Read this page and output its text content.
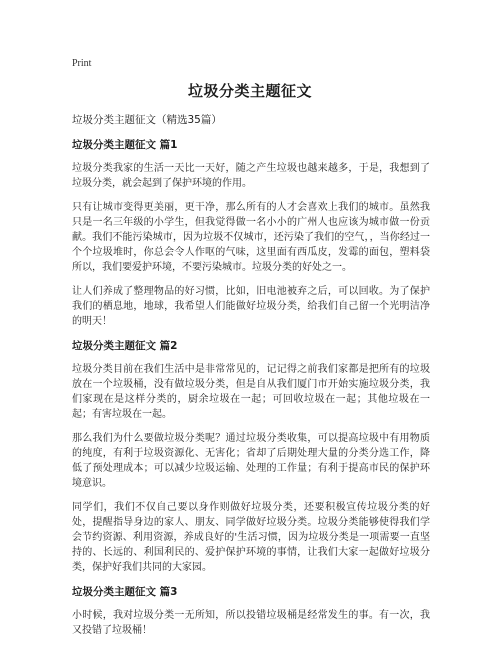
Print
垃圾分类主题征文

垃圾分类主题征文（精选35篇）

垃圾分类主题征文 篇1

垃圾分类我家的生活一天比一天好，随之产生垃圾也越来越多，于是，我想到了垃圾分类，就会起到了保护环境的作用。

只有让城市变得更美丽，更干净，那么所有的人才会喜欢上我们的城市。虽然我只是一名三年级的小学生，但我觉得做一名小小的广州人也应该为城市做一份贡献。我们不能污染城市，因为垃圾不仅城市，还污染了我们的空气，，当你经过一个个垃圾堆时，你总会令人作呕的气味，这里面有西瓜皮，发霉的面包，塑料袋所以，我们要爱护环境，不要污染城市。垃圾分类的好处之一。

让人们养成了整理物品的好习惯，比如，旧电池被弃之后，可以回收。为了保护我们的栖息地，地球，我希望人们能做好垃圾分类，给我们自己留一个光明洁净的明天！

垃圾分类主题征文 篇2

垃圾分类目前在我们生活中是非常常见的，记记得之前我们家都是把所有的垃圾放在一个垃圾桶，没有做垃圾分类，但是自从我们厦门市开始实施垃圾分类，我们家现在是这样分类的，厨余垃圾在一起；可回收垃圾在一起；其他垃圾在一起；有害垃圾在一起。

那么我们为什么要做垃圾分类呢？通过垃圾分类收集，可以提高垃圾中有用物质的纯度，有利于垃圾资源化、无害化；省却了后期处理大量的分类分选工作，降低了预处理成本；可以减少垃圾运输、处理的工作量；有利于提高市民的保护环境意识。

同学们，我们不仅自己要以身作则做好垃圾分类，还要积极宣传垃圾分类的好处，提醒指导身边的家人、朋友、同学做好垃圾分类。垃圾分类能够使得我们学会节约资源、利用资源，养成良好的'生活习惯，因为垃圾分类是一项需要一直坚持的、长远的、利国利民的、爱护保护环境的事情，让我们大家一起做好垃圾分类，保护好我们共同的大家园。

垃圾分类主题征文 篇3

小时候，我对垃圾分类一无所知，所以投错垃圾桶是经常发生的事。有一次，我又投错了垃圾桶！
